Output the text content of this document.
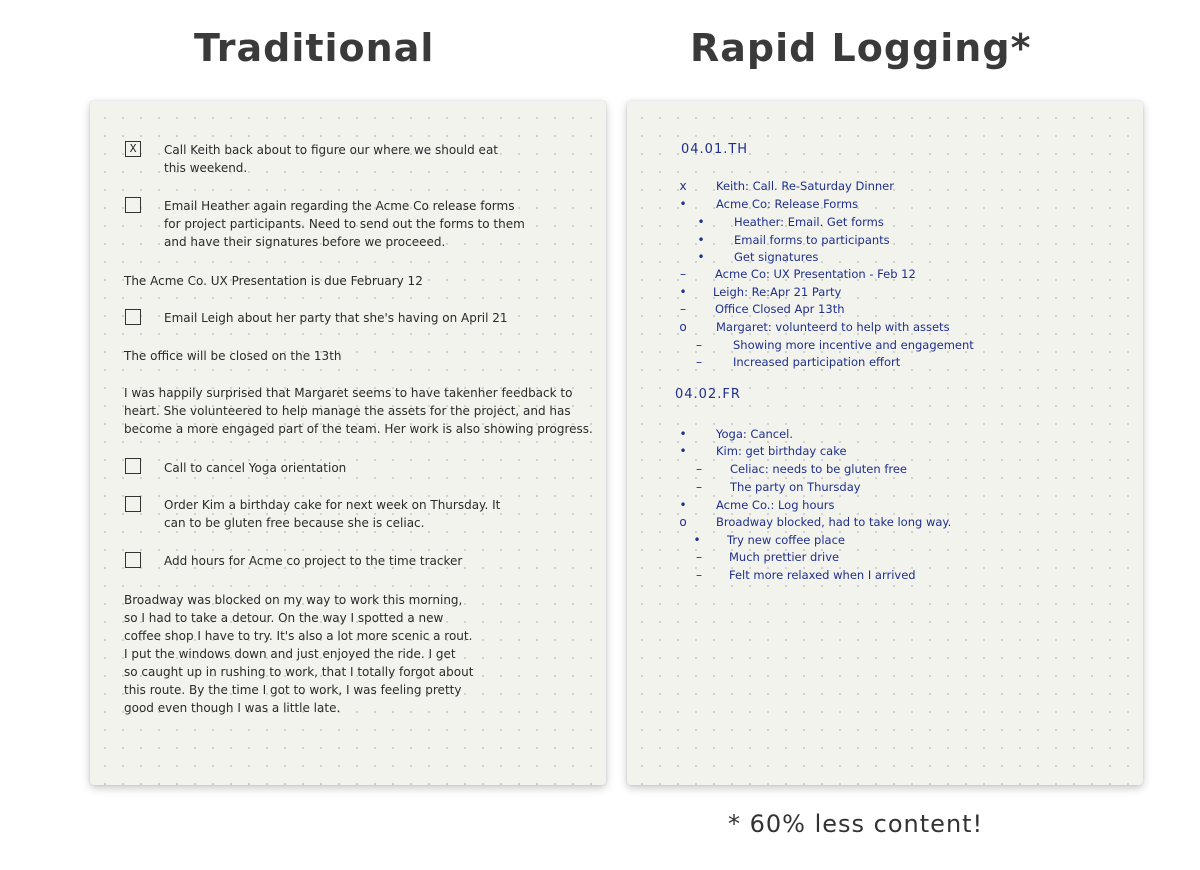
Traditional	Rapid Logging*
X	Call Keith back about to figure our where we should eat
this weekend.
Email Heather again regarding the Acme Co release forms
for project participants. Need to send out the forms to them
and have their signatures before we proceeed.
The Acme Co. UX Presentation is due February 12
Email Leigh about her party that she's having on April 21
The office will be closed on the 13th
I was happily surprised that Margaret seems to have takenher feedback to
heart. She volunteered to help manage the assets for the project, and has
become a more engaged part of the team. Her work is also showing progress.
Call to cancel Yoga orientation
Order Kim a birthday cake for next week on Thursday. It
can to be gluten free because she is celiac.
Add hours for Acme co project to the time tracker
Broadway was blocked on my way to work this morning,
so I had to take a detour. On the way I spotted a new
coffee shop I have to try. It's also a lot more scenic a rout.
I put the windows down and just enjoyed the ride. I get
so caught up in rushing to work, that I totally forgot about
this route. By the time I got to work, I was feeling pretty
good even though I was a little late.
04.01.TH
x	Keith: Call. Re-Saturday Dinner
•	Acme Co: Release Forms
•	Heather: Email. Get forms
•	Email forms to participants
•	Get signatures
–	Acme Co: UX Presentation - Feb 12
• Leigh: Re:Apr 21 Party
–	Office Closed Apr 13th
o	Margaret: volunteerd to help with assets
–	Showing more incentive and engagement
–	Increased participation effort
04.02.FR
•	Yoga: Cancel.
•	Kim: get birthday cake
– Celiac: needs to be gluten free
– The party on Thursday
•	Acme Co.: Log hours
o	Broadway blocked, had to take long way.
• Try new coffee place
– Much prettier drive
– Felt more relaxed when I arrived
* 60% less content!
